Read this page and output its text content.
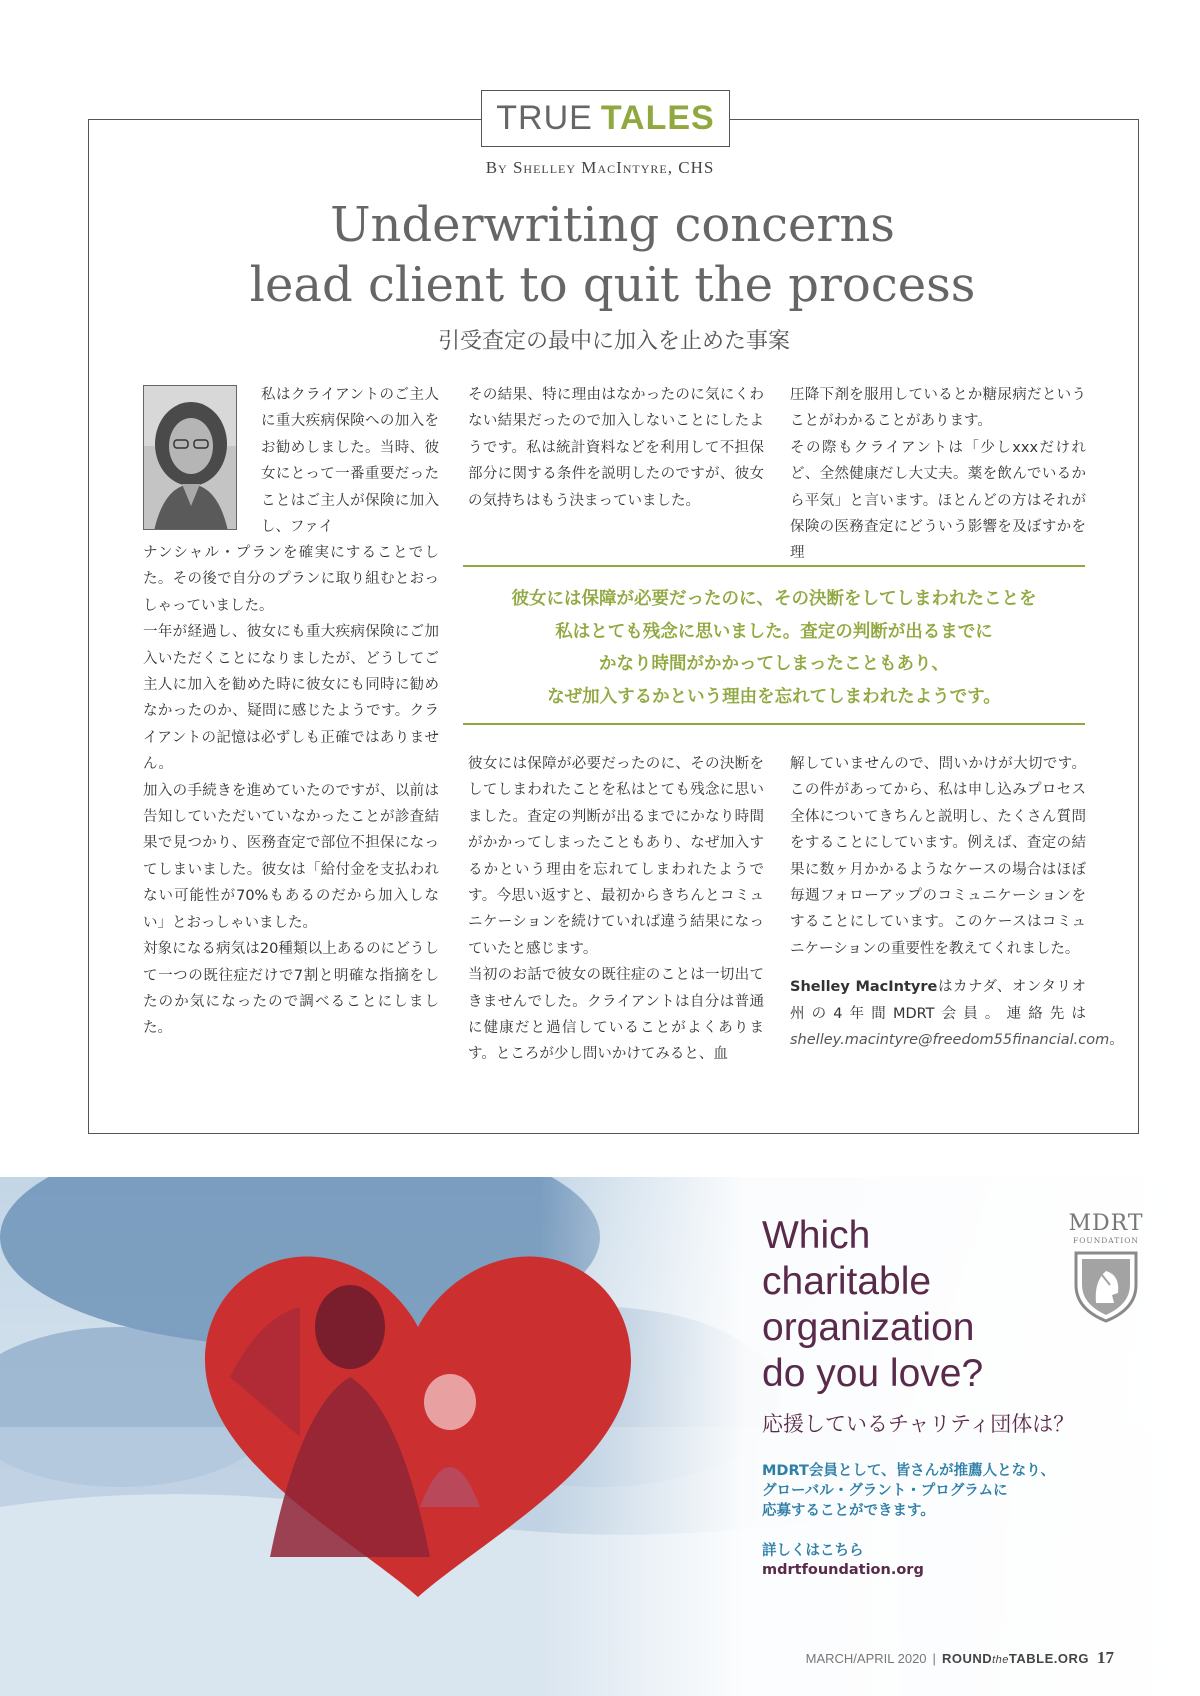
TRUE TALES
By Shelley MacIntyre, CHS
Underwriting concerns
lead client to quit the process
引受査定の最中に加入を止めた事案

私はクライアントのご主人に重大疾病保険への加入をお勧めしました。当時、彼女にとって一番重要だったことはご主人が保険に加入し、ファイ

ナンシャル・プランを確実にすることでした。その後で自分のプランに取り組むとおっしゃっていました。

一年が経過し、彼女にも重大疾病保険にご加入いただくことになりましたが、どうしてご主人に加入を勧めた時に彼女にも同時に勧めなかったのか、疑問に感じたようです。クライアントの記憶は必ずしも正確ではありません。

加入の手続きを進めていたのですが、以前は告知していただいていなかったことが診査結果で見つかり、医務査定で部位不担保になってしまいました。彼女は「給付金を支払われない可能性が70%もあるのだから加入しない」とおっしゃいました。

対象になる病気は20種類以上あるのにどうして一つの既往症だけで7割と明確な指摘をしたのか気になったので調べることにしました。

その結果、特に理由はなかったのに気にくわない結果だったので加入しないことにしたようです。私は統計資料などを利用して不担保部分に関する条件を説明したのですが、彼女の気持ちはもう決まっていました。

圧降下剤を服用しているとか糖尿病だということがわかることがあります。

その際もクライアントは「少しxxxだけれど、全然健康だし大丈夫。薬を飲んでいるから平気」と言います。ほとんどの方はそれが保険の医務査定にどういう影響を及ぼすかを理

彼女には保障が必要だったのに、その決断をしてしまわれたことを
私はとても残念に思いました。査定の判断が出るまでに
かなり時間がかかってしまったこともあり、
なぜ加入するかという理由を忘れてしまわれたようです。

彼女には保障が必要だったのに、その決断をしてしまわれたことを私はとても残念に思いました。査定の判断が出るまでにかなり時間がかかってしまったこともあり、なぜ加入するかという理由を忘れてしまわれたようです。今思い返すと、最初からきちんとコミュニケーションを続けていれば違う結果になっていたと感じます。

当初のお話で彼女の既往症のことは一切出てきませんでした。クライアントは自分は普通に健康だと過信していることがよくあります。ところが少し問いかけてみると、血

解していませんので、問いかけが大切です。この件があってから、私は申し込みプロセス全体についてきちんと説明し、たくさん質問をすることにしています。例えば、査定の結果に数ヶ月かかるようなケースの場合はほぼ毎週フォローアップのコミュニケーションをすることにしています。このケースはコミュニケーションの重要性を教えてくれました。

Shelley MacIntyreはカナダ、オンタリオ州の4年間MDRT会員。連絡先はshelley.macintyre@freedom55financial.com。

Which
charitable
organization
do you love?
応援しているチャリティ団体は？
MDRT会員として、皆さんが推薦人となり、
グローバル・グラント・プログラムに
応募することができます。
詳しくはこちら
mdrtfoundation.org
MDRT
FOUNDATION
MARCH/APRIL 2020 | ROUNDtheTABLE.ORG 17
